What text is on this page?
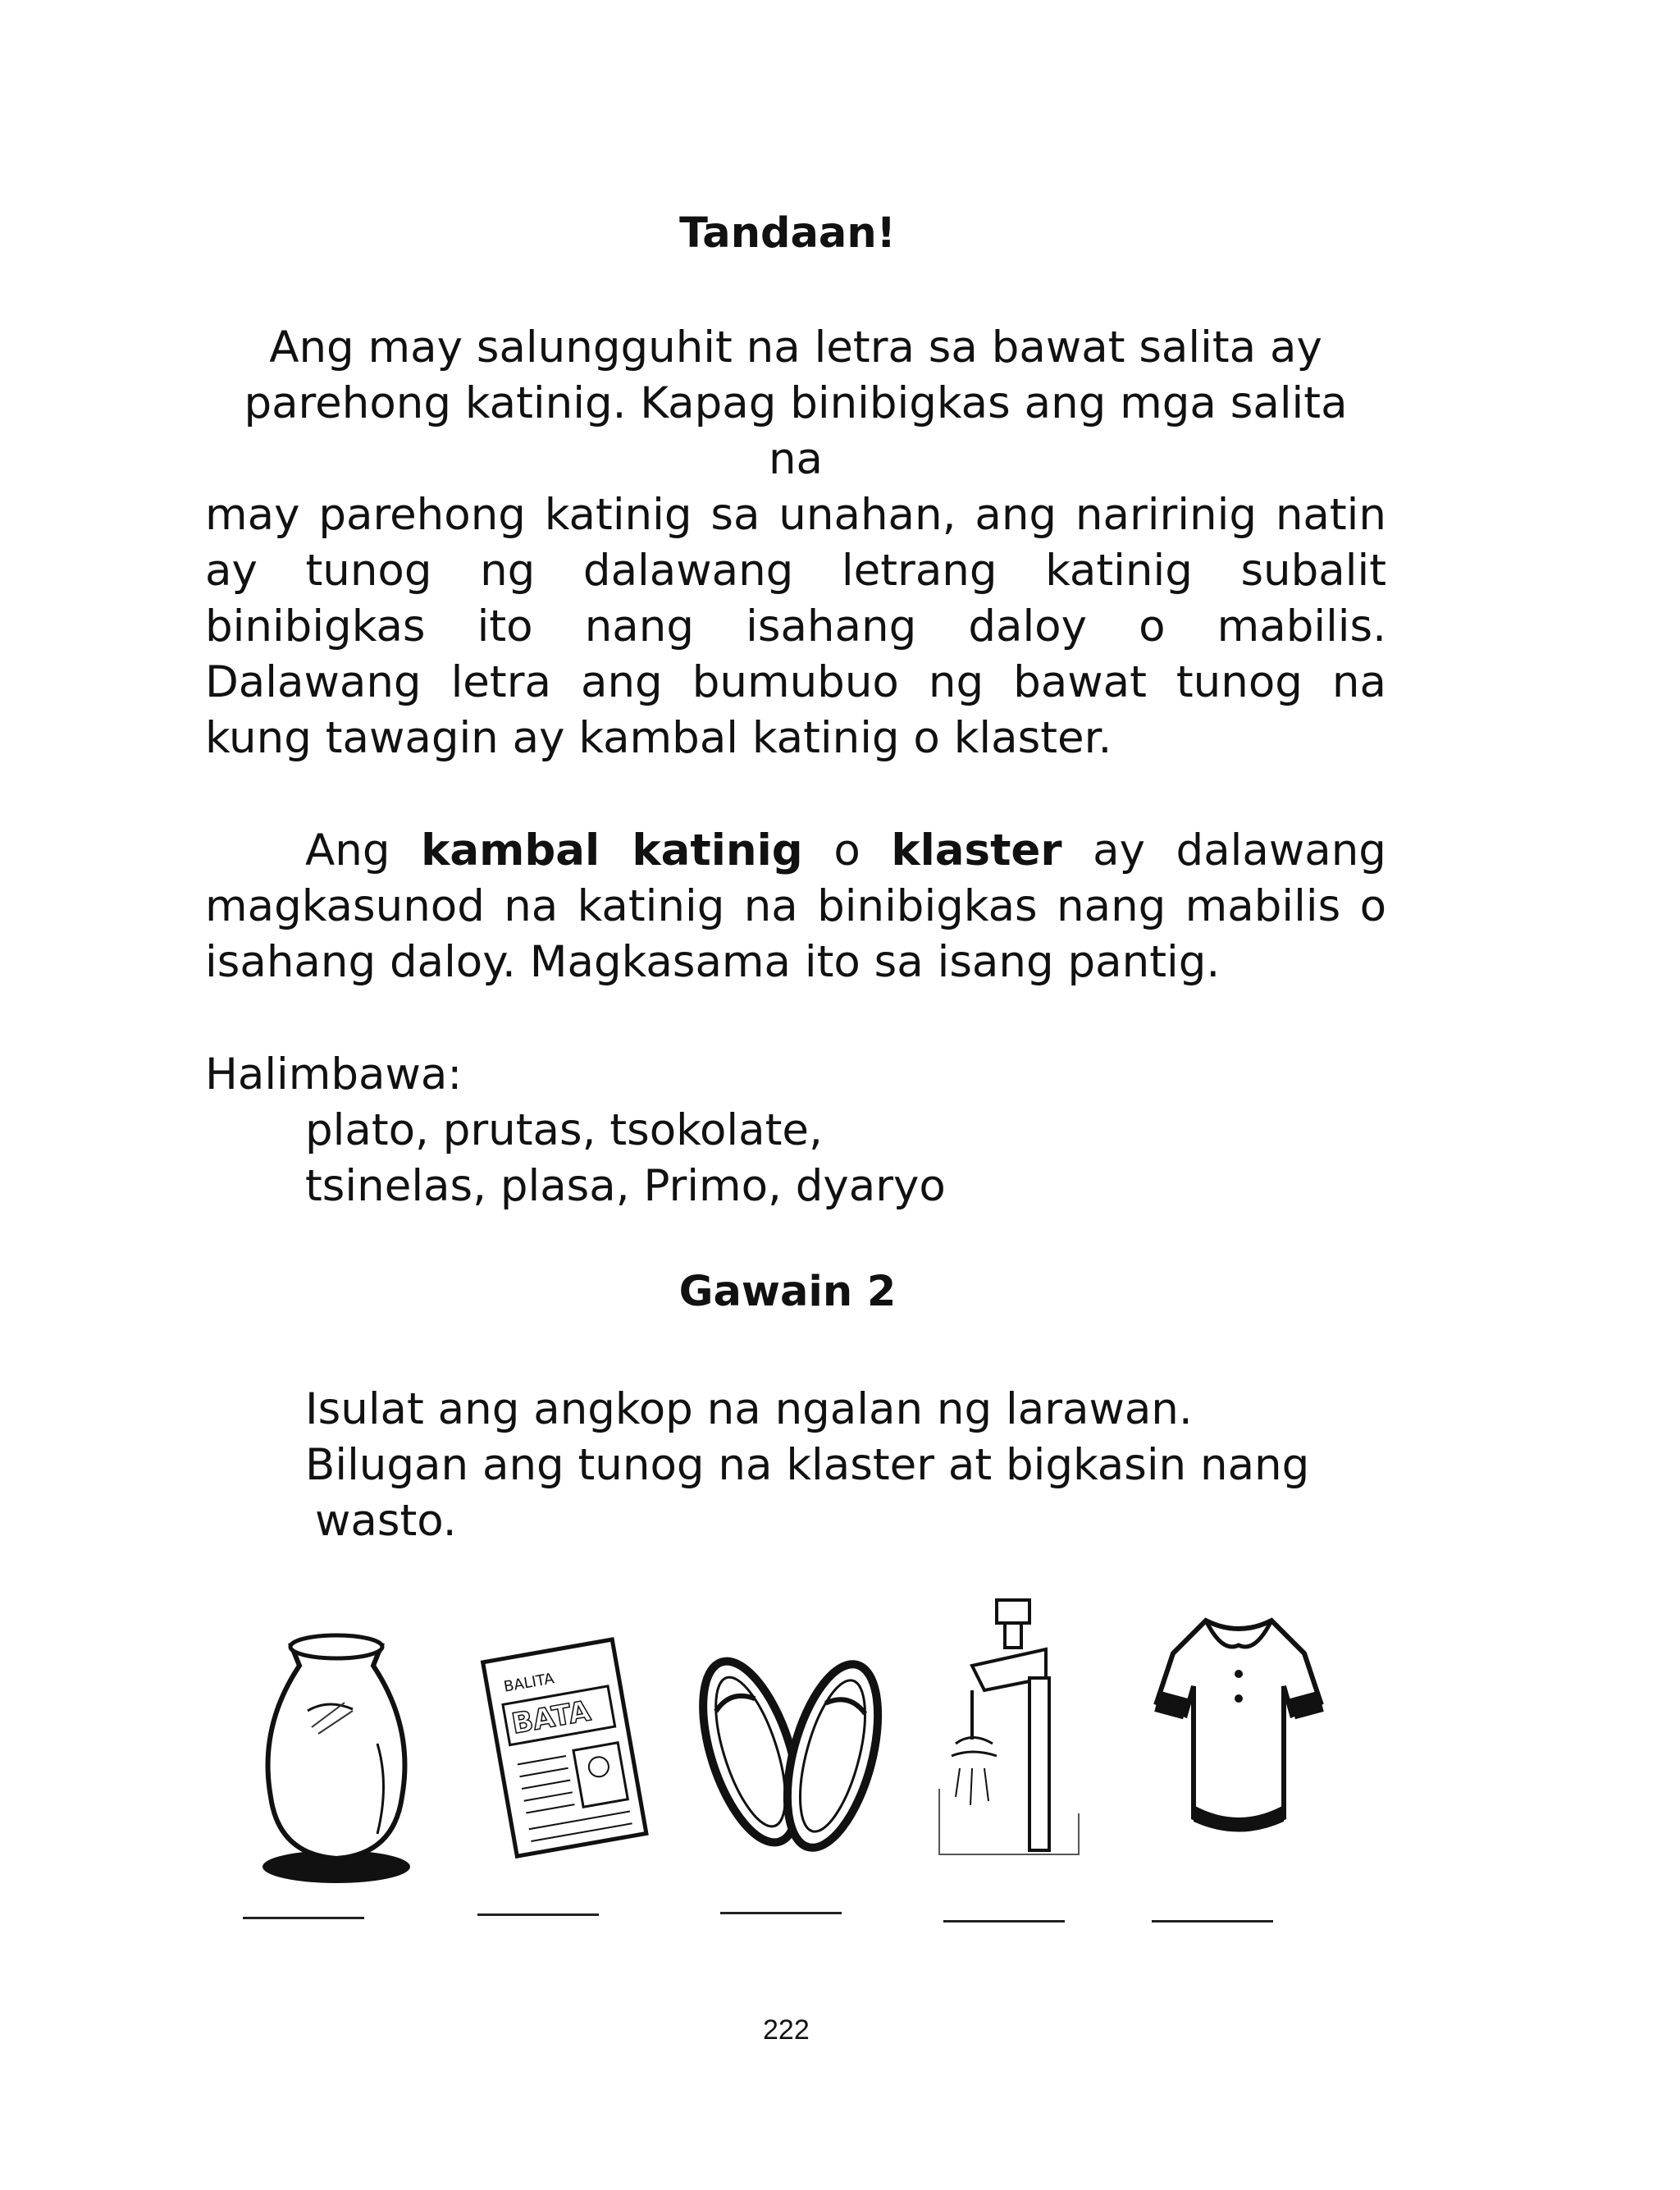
Tandaan!
Ang may salungguhit na letra sa bawat salita ay
parehong katinig. Kapag binibigkas ang mga salita
na
may parehong katinig sa unahan, ang naririnig natin
ay tunog ng dalawang letrang katinig subalit
binibigkas ito nang isahang daloy o mabilis.
Dalawang letra ang bumubuo ng bawat tunog na
kung tawagin ay kambal katinig o klaster.
Ang kambal katinig o klaster ay dalawang
magkasunod na katinig na binibigkas nang mabilis o
isahang daloy. Magkasama ito sa isang pantig.
Halimbawa:
plato, prutas, tsokolate,
tsinelas, plasa, Primo, dyaryo
Gawain 2
Isulat ang angkop na ngalan ng larawan.
Bilugan ang tunog na klaster at bigkasin nang
wasto.
BALITA
BATA
222
